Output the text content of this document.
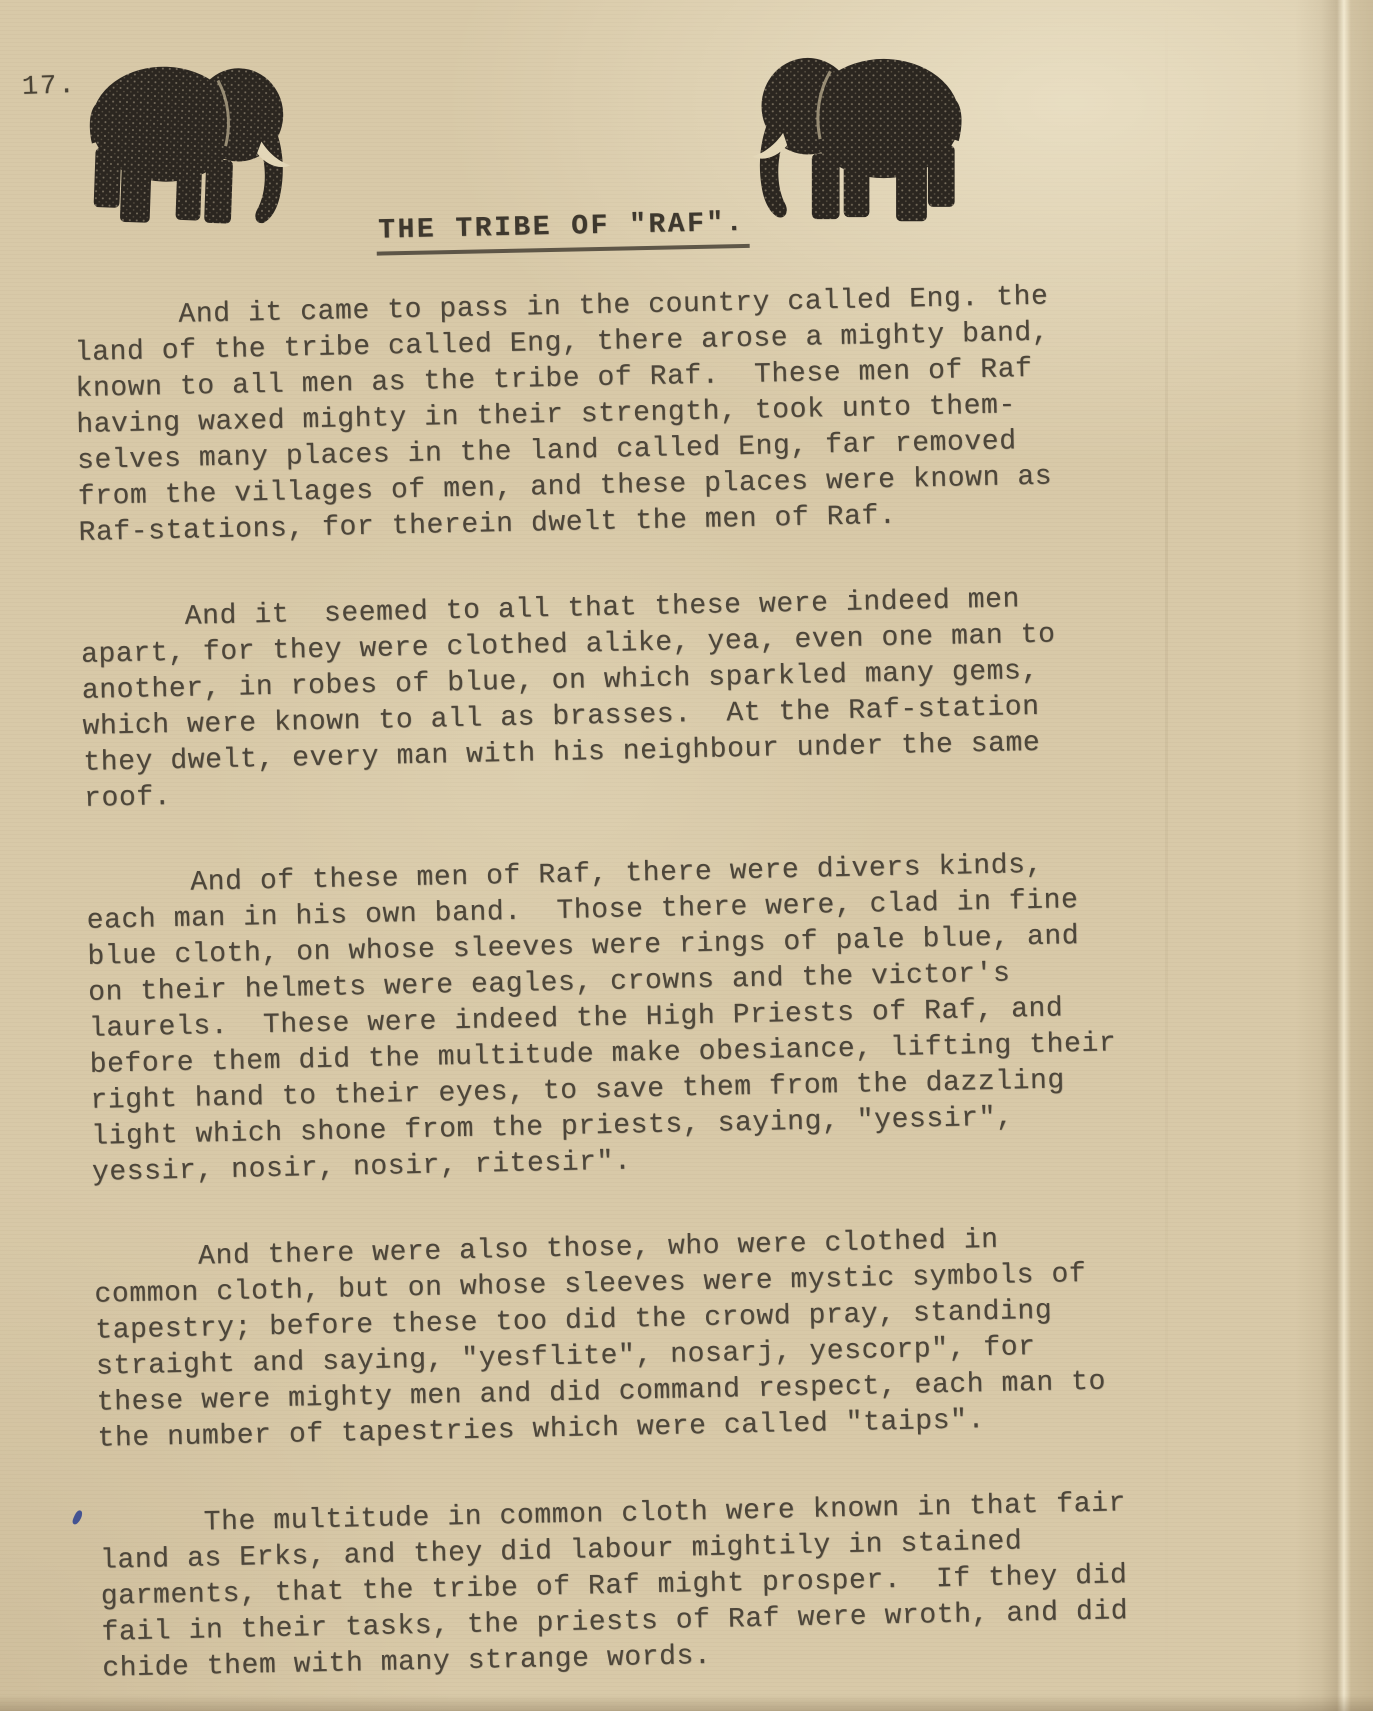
17.
THE TRIBE OF "RAF".

And it came to pass in the country called Eng. the
land of the tribe called Eng, there arose a mighty band,
known to all men as the tribe of Raf.  These men of Raf
having waxed mighty in their strength, took unto them-
selves many places in the land called Eng, far removed
from the villages of men, and these places were known as
Raf-stations, for therein dwelt the men of Raf.

And it  seemed to all that these were indeed men
apart, for they were clothed alike, yea, even one man to
another, in robes of blue, on which sparkled many gems,
which were known to all as brasses.  At the Raf-station
they dwelt, every man with his neighbour under the same
roof.

And of these men of Raf, there were divers kinds,
each man in his own band.  Those there were, clad in fine
blue cloth, on whose sleeves were rings of pale blue, and
on their helmets were eagles, crowns and the victor's
laurels.  These were indeed the High Priests of Raf, and
before them did the multitude make obesiance, lifting their
right hand to their eyes, to save them from the dazzling
light which shone from the priests, saying, "yessir",
yessir, nosir, nosir, ritesir".

And there were also those, who were clothed in
common cloth, but on whose sleeves were mystic symbols of
tapestry; before these too did the crowd pray, standing
straight and saying, "yesflite", nosarj, yescorp", for
these were mighty men and did command respect, each man to
the number of tapestries which were called "taips".

The multitude in common cloth were known in that fair
land as Erks, and they did labour mightily in stained
garments, that the tribe of Raf might prosper.  If they did
fail in their tasks, the priests of Raf were wroth, and did
chide them with many strange words.
